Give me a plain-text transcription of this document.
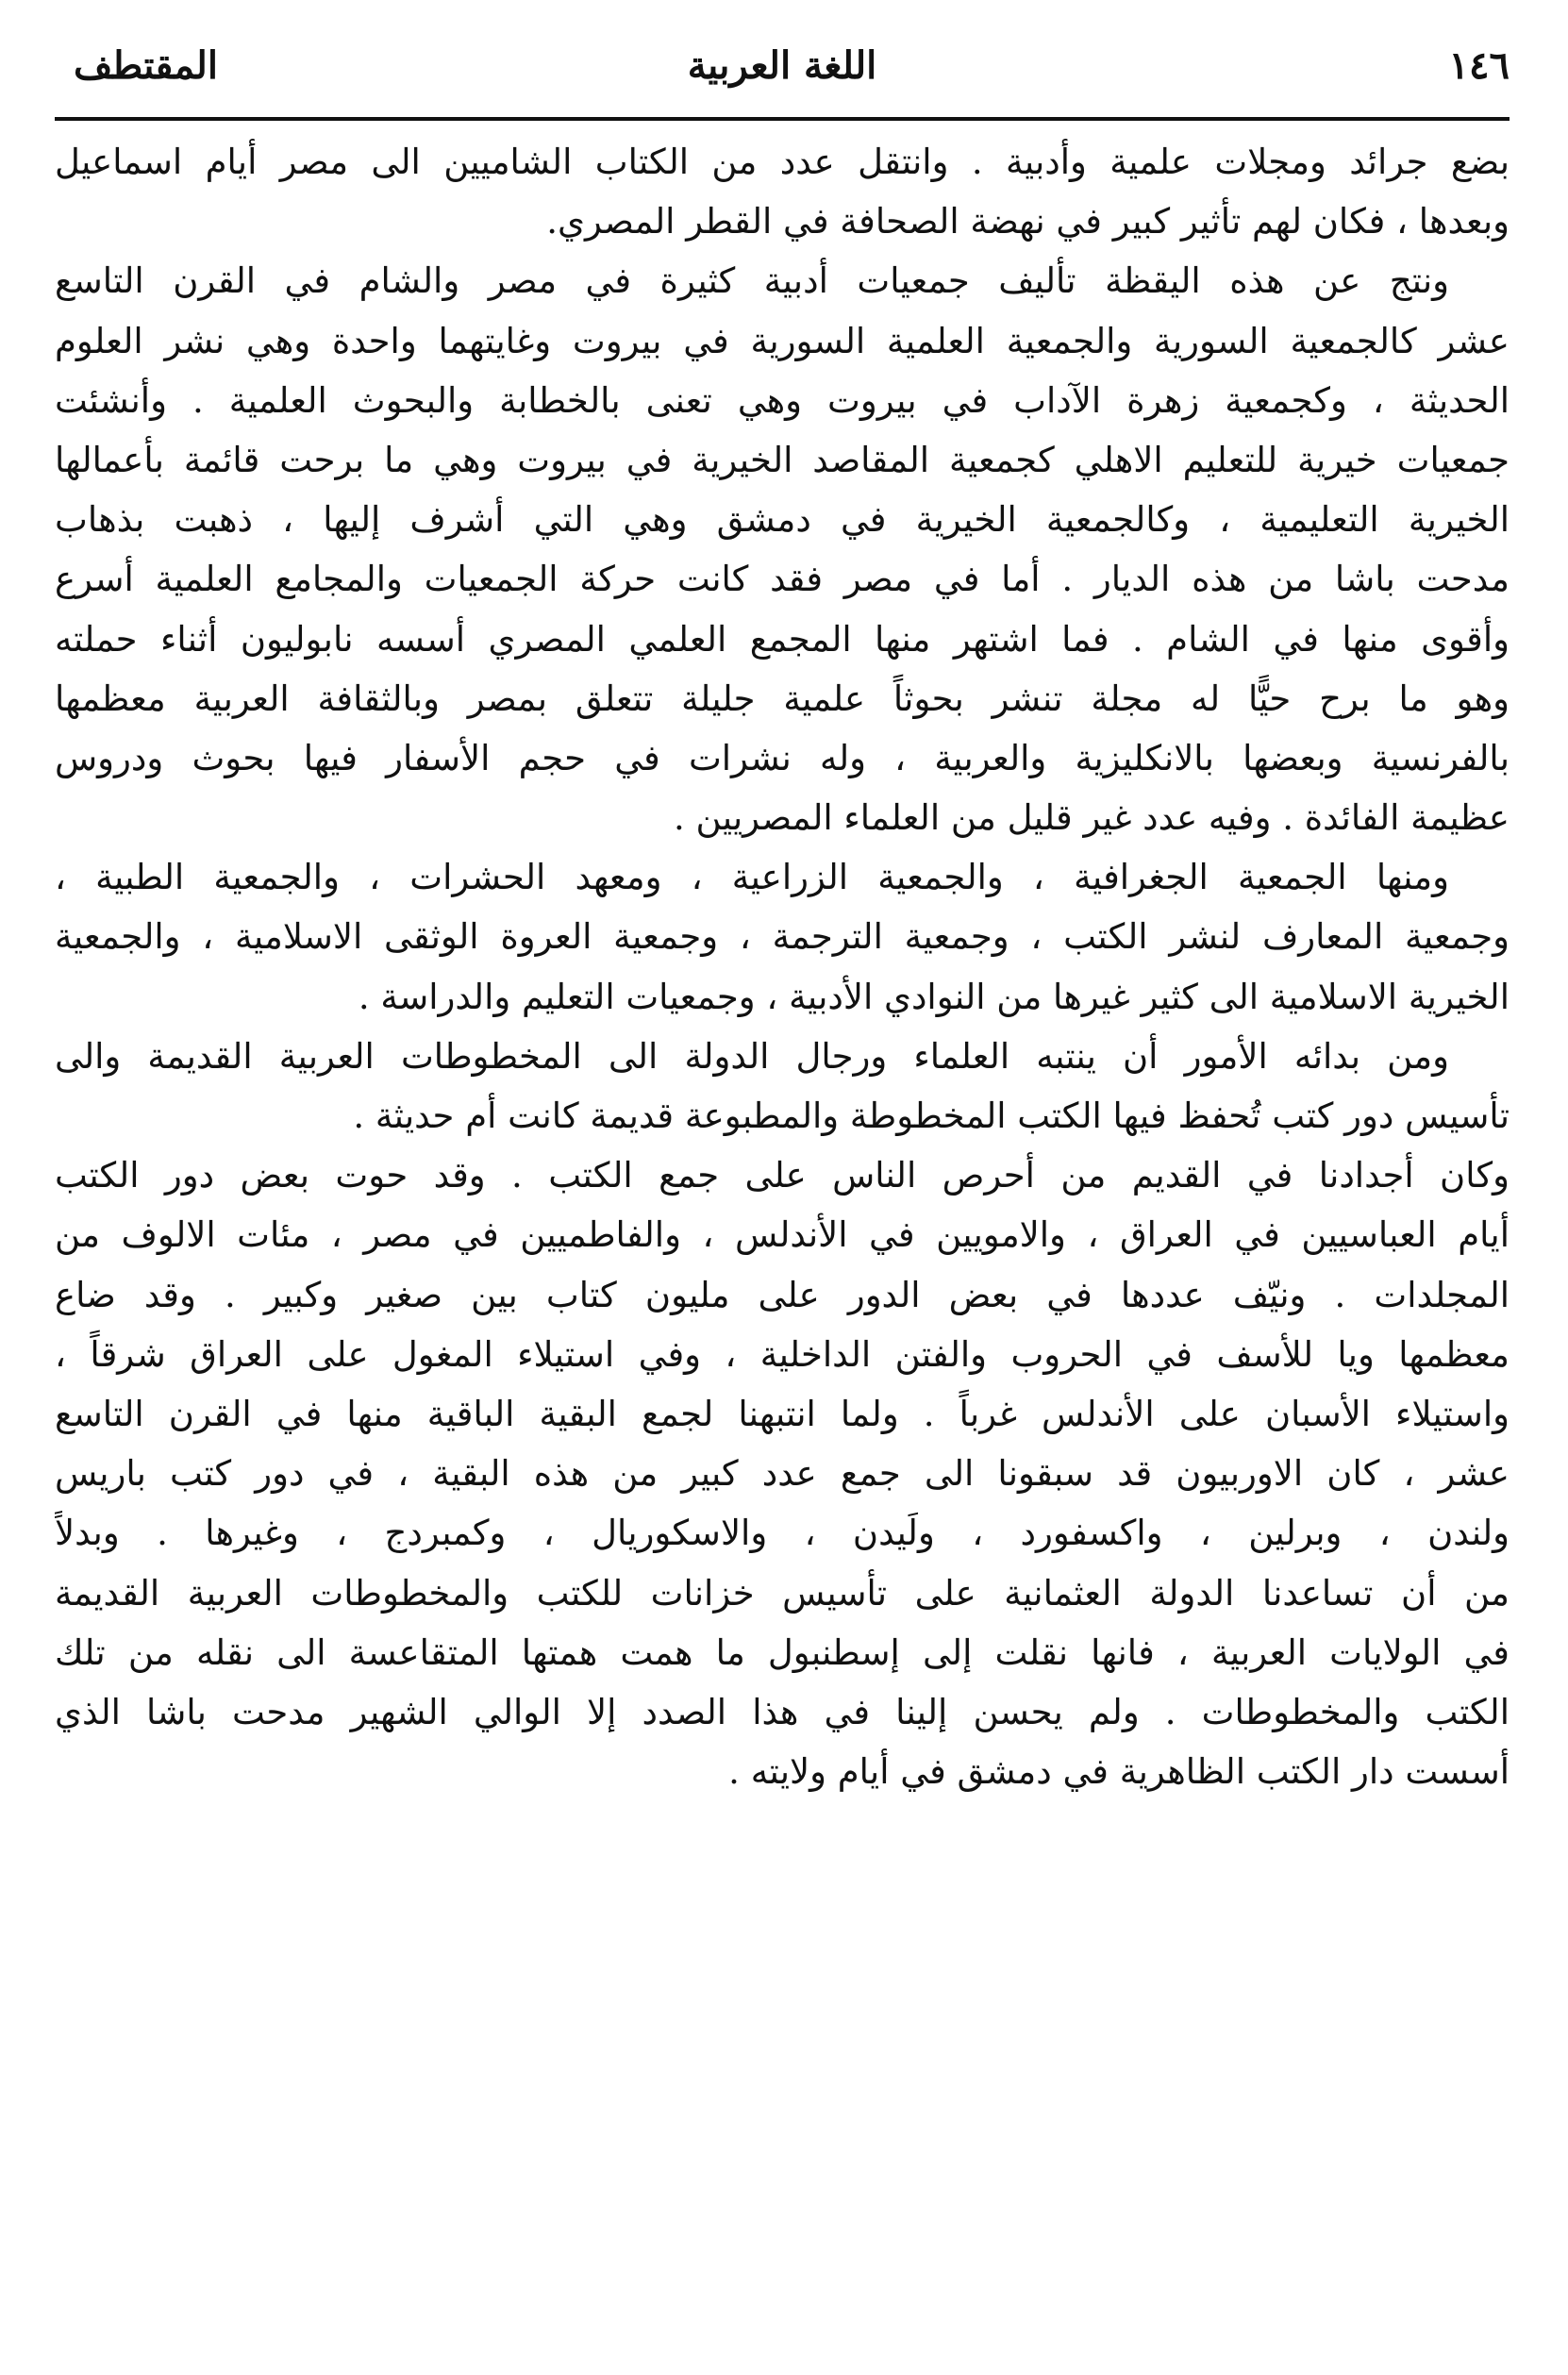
١٤٦
اللغة العربية
المقتطف
بضع جرائد ومجلات علمية وأدبية . وانتقل عدد من الكتاب الشاميين الى مصر أيام اسماعيل
وبعدها ، فكان لهم تأثير كبير في نهضة الصحافة في القطر المصري.
ونتج عن هذه اليقظة تأليف جمعيات أدبية كثيرة في مصر والشام في القرن التاسع
عشر كالجمعية السورية والجمعية العلمية السورية في بيروت وغايتهما واحدة وهي نشر العلوم
الحديثة ، وكجمعية زهرة الآداب في بيروت وهي تعنى بالخطابة والبحوث العلمية . وأنشئت
جمعيات خيرية للتعليم الاهلي كجمعية المقاصد الخيرية في بيروت وهي ما برحت قائمة بأعمالها
الخيرية التعليمية ، وكالجمعية الخيرية في دمشق وهي التي أشرف إليها ، ذهبت بذهاب
مدحت باشا من هذه الديار . أما في مصر فقد كانت حركة الجمعيات والمجامع العلمية أسرع
وأقوى منها في الشام . فما اشتهر منها المجمع العلمي المصري أسسه نابوليون أثناء حملته
وهو ما برح حيًّا له مجلة تنشر بحوثاً علمية جليلة تتعلق بمصر وبالثقافة العربية معظمها
بالفرنسية وبعضها بالانكليزية والعربية ، وله نشرات في حجم الأسفار فيها بحوث ودروس
عظيمة الفائدة . وفيه عدد غير قليل من العلماء المصريين .
ومنها الجمعية الجغرافية ، والجمعية الزراعية ، ومعهد الحشرات ، والجمعية الطبية ،
وجمعية المعارف لنشر الكتب ، وجمعية الترجمة ، وجمعية العروة الوثقى الاسلامية ، والجمعية
الخيرية الاسلامية الى كثير غيرها من النوادي الأدبية ، وجمعيات التعليم والدراسة .
ومن بدائه الأمور أن ينتبه العلماء ورجال الدولة الى المخطوطات العربية القديمة والى
تأسيس دور كتب تُحفظ فيها الكتب المخطوطة والمطبوعة قديمة كانت أم حديثة .
وكان أجدادنا في القديم من أحرص الناس على جمع الكتب . وقد حوت بعض دور الكتب
أيام العباسيين في العراق ، والامويين في الأندلس ، والفاطميين في مصر ، مئات الالوف من
المجلدات . ونيّف عددها في بعض الدور على مليون كتاب بين صغير وكبير . وقد ضاع
معظمها ويا للأسف في الحروب والفتن الداخلية ، وفي استيلاء المغول على العراق شرقاً ،
واستيلاء الأسبان على الأندلس غرباً . ولما انتبهنا لجمع البقية الباقية منها في القرن التاسع
عشر ، كان الاوربيون قد سبقونا الى جمع عدد كبير من هذه البقية ، في دور كتب باريس
ولندن ، وبرلين ، واكسفورد ، ولَيدن ، والاسكوريال ، وكمبردج ، وغيرها . وبدلاً
من أن تساعدنا الدولة العثمانية على تأسيس خزانات للكتب والمخطوطات العربية القديمة
في الولايات العربية ، فانها نقلت إلى إسطنبول ما همت همتها المتقاعسة الى نقله من تلك
الكتب والمخطوطات . ولم يحسن إلينا في هذا الصدد إلا الوالي الشهير مدحت باشا الذي
أسست دار الكتب الظاهرية في دمشق في أيام ولايته .
